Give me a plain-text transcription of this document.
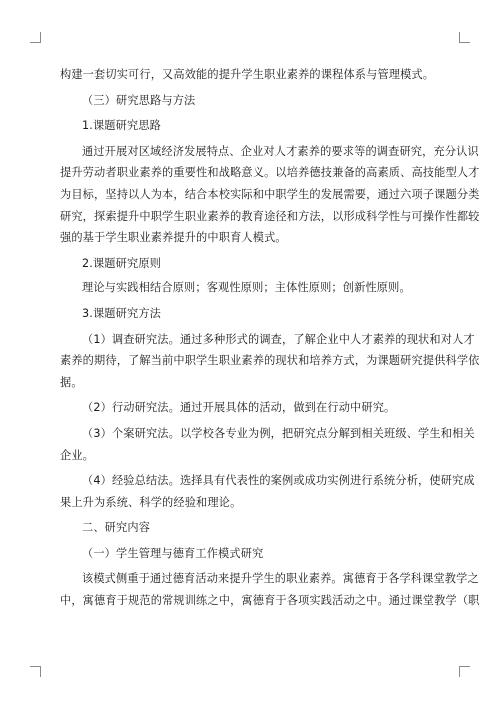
构建一套切实可行，又高效能的提升学生职业素养的课程体系与管理模式。
（三）研究思路与方法
1.课题研究思路
通过开展对区域经济发展特点、企业对人才素养的要求等的调查研究，充分认识
提升劳动者职业素养的重要性和战略意义。以培养德技兼备的高素质、高技能型人才
为目标，坚持以人为本，结合本校实际和中职学生的发展需要，通过六项子课题分类
研究，探索提升中职学生职业素养的教育途径和方法，以形成科学性与可操作性都较
强的基于学生职业素养提升的中职育人模式。
2.课题研究原则
理论与实践相结合原则；客观性原则；主体性原则；创新性原则。
3.课题研究方法
（1）调查研究法。通过多种形式的调查，了解企业中人才素养的现状和对人才
素养的期待，了解当前中职学生职业素养的现状和培养方式，为课题研究提供科学依
据。
（2）行动研究法。通过开展具体的活动，做到在行动中研究。
（3）个案研究法。以学校各专业为例，把研究点分解到相关班级、学生和相关
企业。
（4）经验总结法。选择具有代表性的案例或成功实例进行系统分析，使研究成
果上升为系统、科学的经验和理论。
二、研究内容
（一）学生管理与德育工作模式研究
该模式侧重于通过德育活动来提升学生的职业素养。寓德育于各学科课堂教学之
中，寓德育于规范的常规训练之中，寓德育于各项实践活动之中。通过课堂教学（职
